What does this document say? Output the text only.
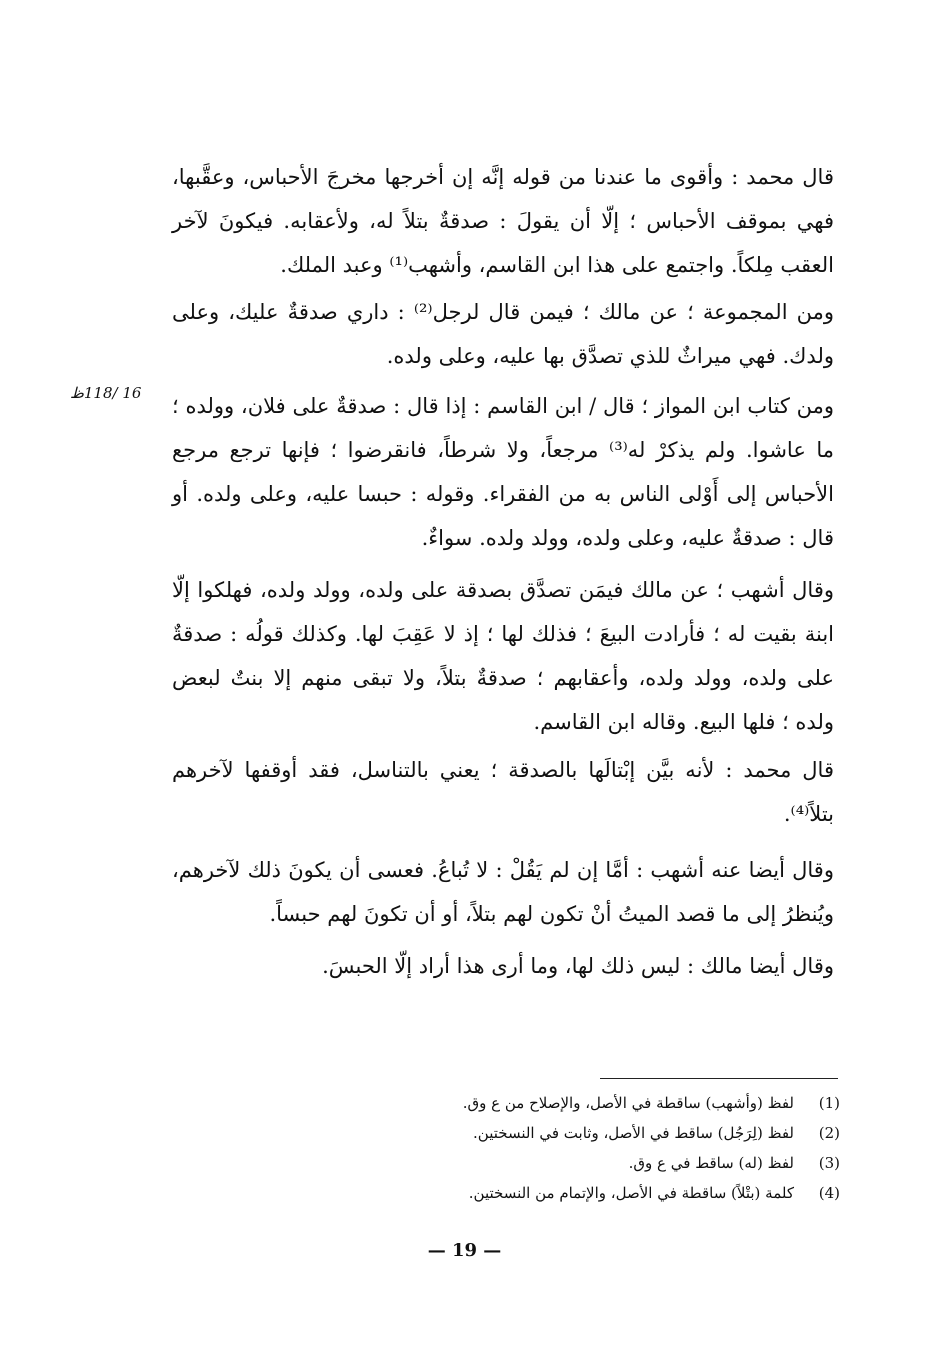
قال محمد : وأقوى ما عندنا من قوله إنَّه إن أخرجها مخرجَ الأحباس، وعقَّبها، فهي بموقف الأحباس ؛ إلّا أن يقولَ : صدقةٌ بتلاً له، ولأعقابه. فيكونَ لآخر العقب مِلكاً. واجتمع على هذا ابن القاسم، وأشهب⁽¹⁾ وعبد الملك.

ومن المجموعة ؛ عن مالك ؛ فيمن قال لرجل⁽²⁾ : داري صدقةٌ عليك، وعلى ولدك. فهي ميراثٌ للذي تصدَّق بها عليه، وعلى ولده.

16 /118ظ

ومن كتاب ابن المواز ؛ قال / ابن القاسم : إذا قال : صدقةٌ على فلان، وولده ؛ ما عاشوا. ولم يذكرْ له⁽³⁾ مرجعاً، ولا شرطاً، فانقرضوا ؛ فإنها ترجع مرجع الأحباس إلى أَوْلى الناس به من الفقراء. وقوله : حبسا عليه، وعلى ولده. أو قال : صدقةٌ عليه، وعلى ولده، وولد ولده. سواءٌ.

وقال أشهب ؛ عن مالك فيمَن تصدَّق بصدقة على ولده، وولد ولده، فهلكوا إلّا ابنة بقيت له ؛ فأرادت البيعَ ؛ فذلك لها ؛ إذ لا عَقِبَ لها. وكذلك قولُه : صدقةٌ على ولده، وولد ولده، وأعقابهم ؛ صدقةٌ بتلاً، ولا تبقى منهم إلا بنتٌ لبعض ولده ؛ فلها البيع. وقاله ابن القاسم.

قال محمد : لأنه بيَّن إبْتالَها بالصدقة ؛ يعني بالتناسل، فقد أوقفها لآخرهم بتلاً⁽⁴⁾.

وقال أيضا عنه أشهب : أمَّا إن لم يَقُلْ : لا تُباعُ. فعسى أن يكونَ ذلك لآخرهم، ويُنظرُ إلى ما قصد الميتُ أنْ تكون لهم بتلاً، أو أن تكونَ لهم حبساً.

وقال أيضا مالك : ليس ذلك لها، وما أرى هذا أراد إلّا الحبسَ.

(1)
لفظ (وأشهب) ساقطة في الأصل، والإصلاح من ع وق.
(2)
لفظ (لِرَجُل) ساقط في الأصل، وثابت في النسختين.
(3)
لفظ (له) ساقط في ع وق.
(4)
كلمة (بتْلاً) ساقطة في الأصل، والإتمام من النسختين.
— 19 —
